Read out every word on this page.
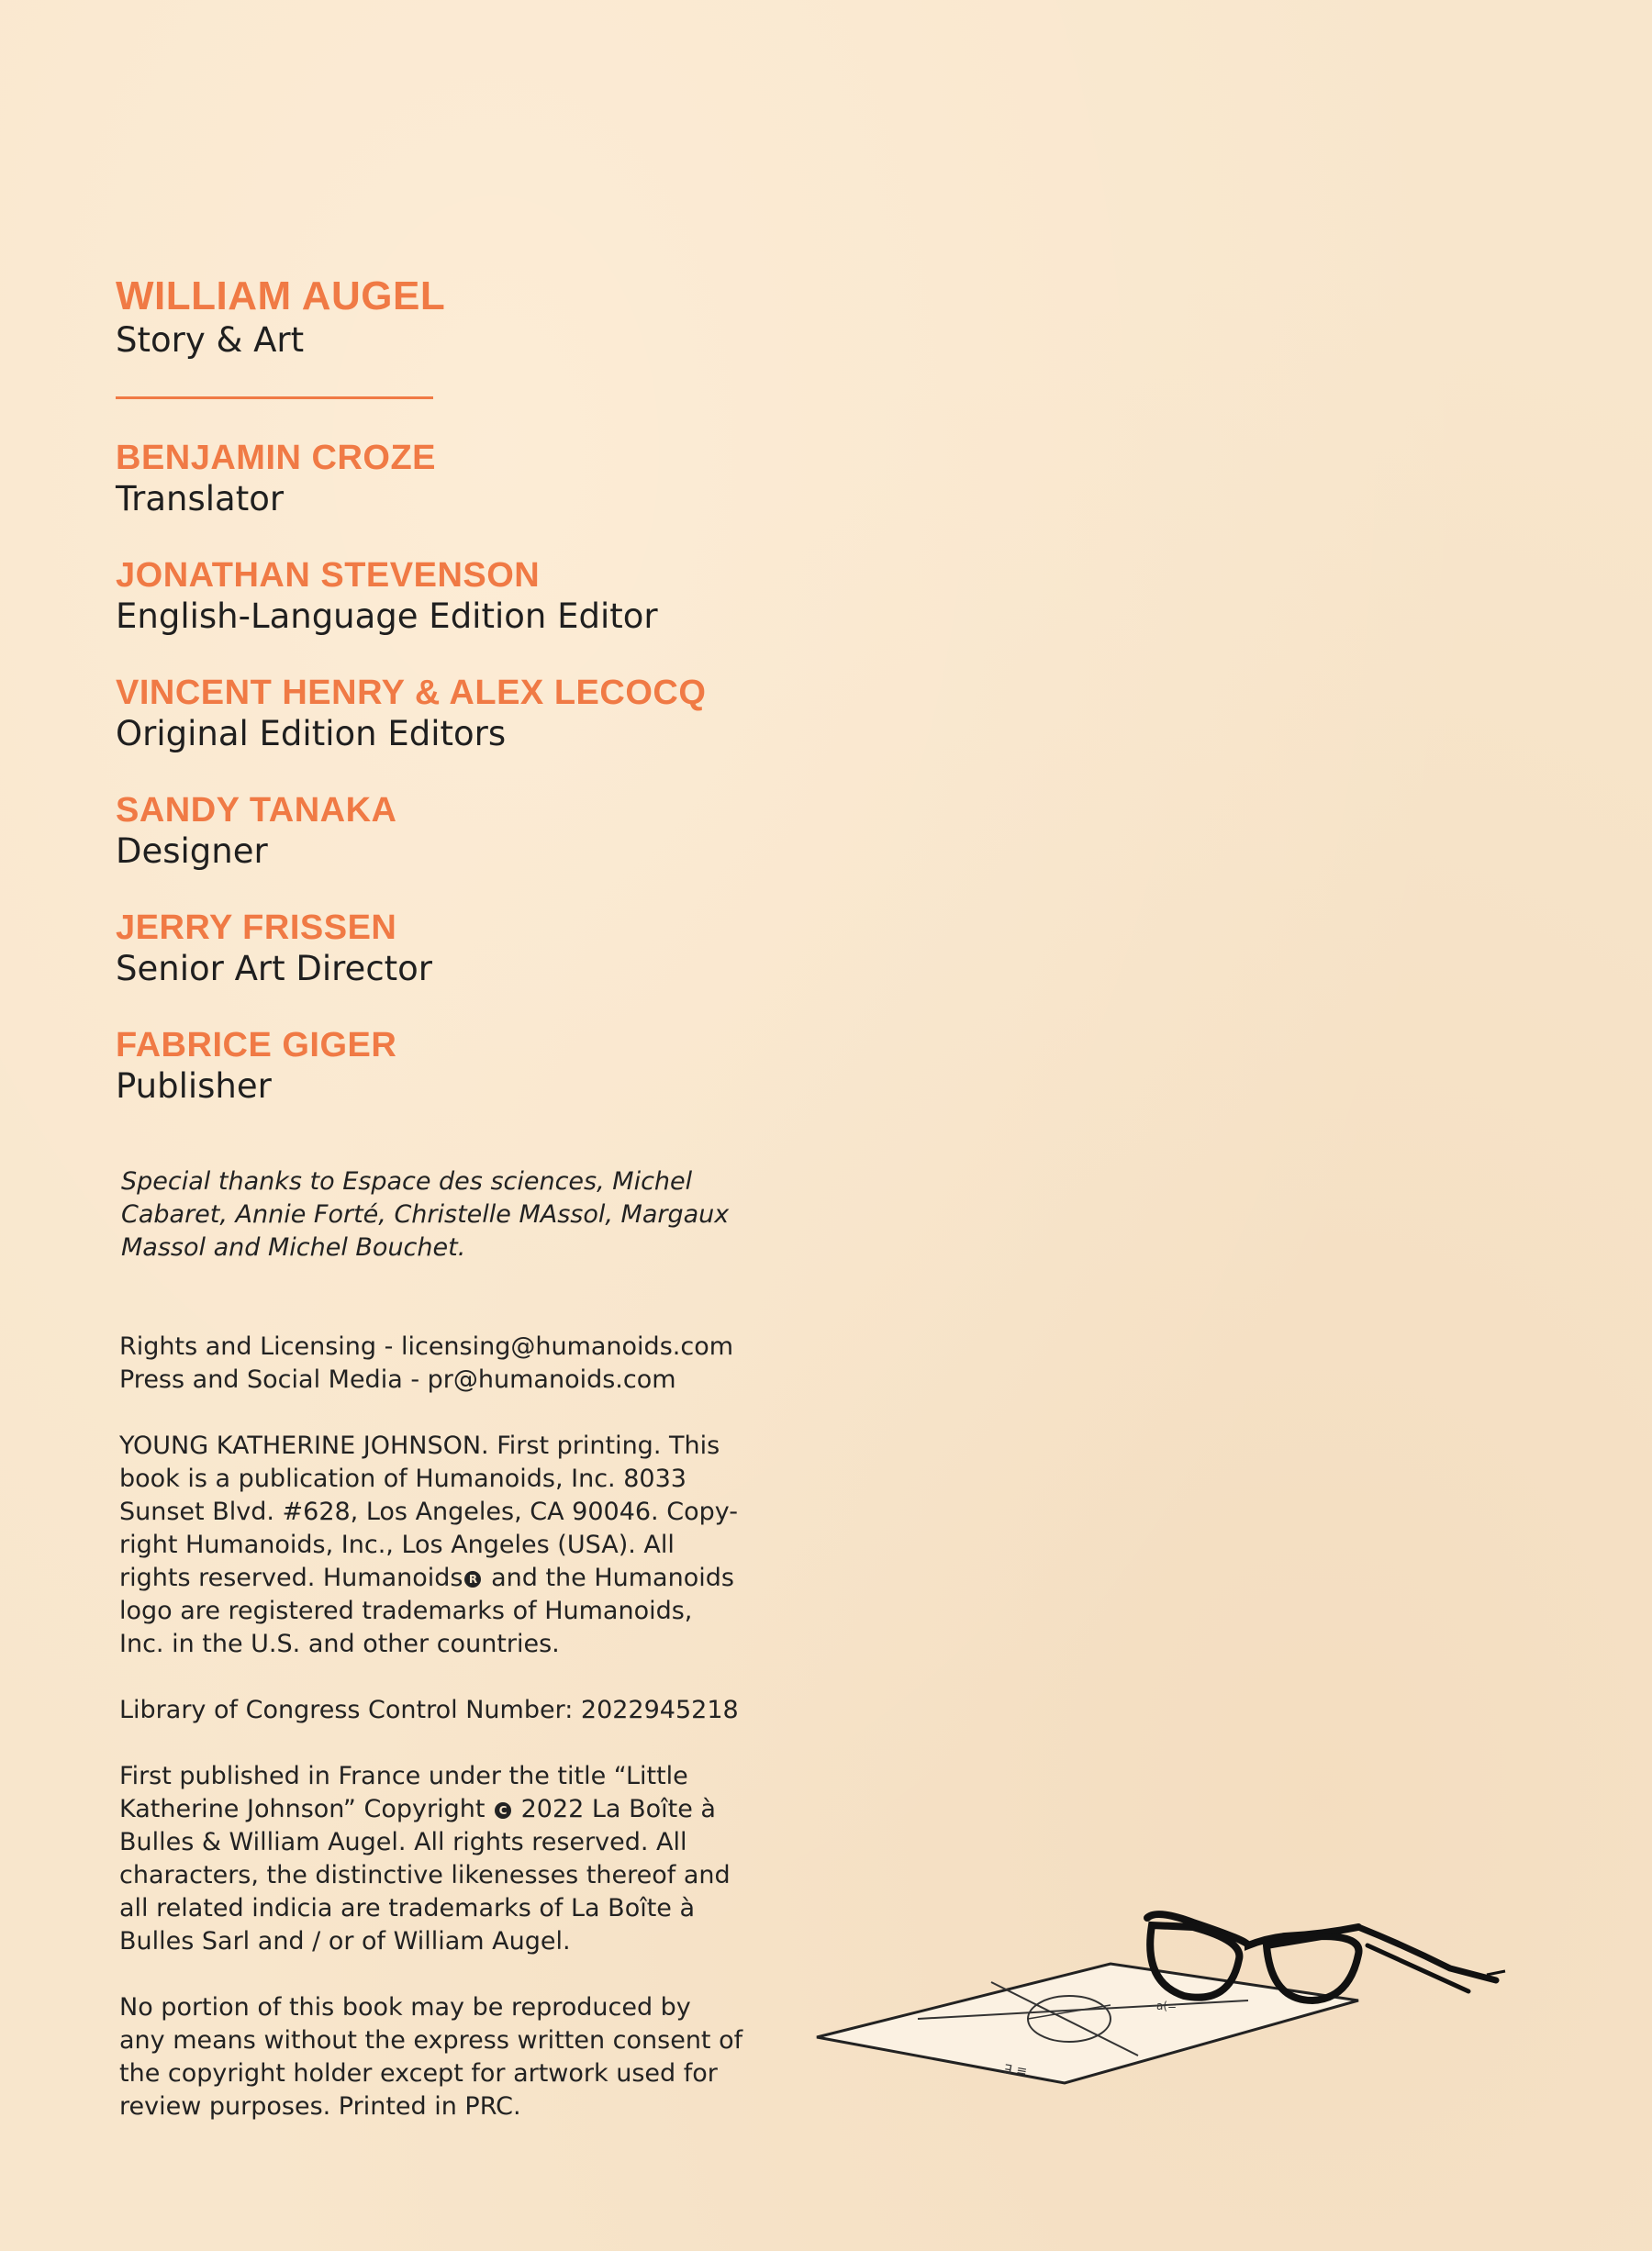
WILLIAM AUGEL
Story & Art
BENJAMIN CROZE
Translator
JONATHAN STEVENSON
English-Language Edition Editor
VINCENT HENRY & ALEX LECOCQ
Original Edition Editors
SANDY TANAKA
Designer
JERRY FRISSEN
Senior Art Director
FABRICE GIGER
Publisher
Special thanks to Espace des sciences, Michel Cabaret, Annie Forté, Christelle MAssol, Margaux Massol and Michel Bouchet.

Rights and Licensing - licensing@humanoids.com

Press and Social Media - pr@humanoids.com

YOUNG KATHERINE JOHNSON. First printing. This book is a publication of Humanoids, Inc. 8033 Sunset Blvd. #628, Los Angeles, CA 90046. Copy-right Humanoids, Inc., Los Angeles (USA). All rights reserved. Humanoids R and the Humanoids logo are registered trademarks of Humanoids, Inc. in the U.S. and other countries.

Library of Congress Control Number: 2022945218

First published in France under the title “Little Katherine Johnson” Copyright C 2022 La Boîte à Bulles & William Augel. All rights reserved. All characters, the distinctive likenesses thereof and all related indicia are trademarks of La Boîte à Bulles Sarl and / or of William Augel.

No portion of this book may be reproduced by any means without the express written consent of the copyright holder except for artwork used for review purposes. Printed in PRC.

≡ E
a(=
